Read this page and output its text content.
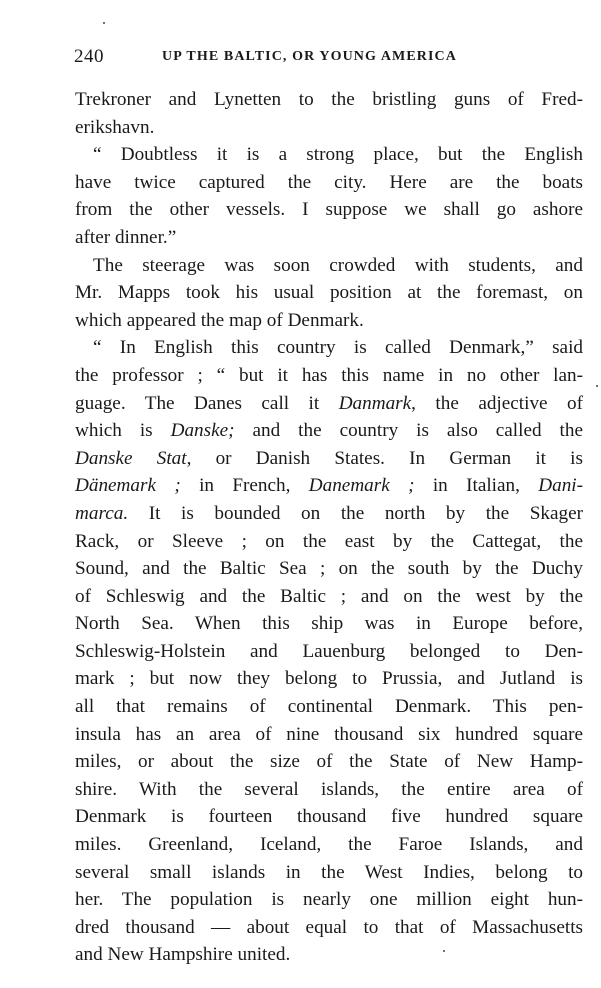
240	UP THE BALTIC, OR YOUNG AMERICA
Trekroner and Lynetten to the bristling guns of Fred-
erikshavn.
“ Doubtless it is a strong place, but the English
have twice captured the city. Here are the boats
from the other vessels. I suppose we shall go ashore
after dinner.”
The steerage was soon crowded with students, and
Mr. Mapps took his usual position at the foremast, on
which appeared the map of Denmark.
“ In English this country is called Denmark,” said
the professor ; “ but it has this name in no other lan-
guage. The Danes call it Danmark, the adjective of
which is Danske; and the country is also called the
Danske Stat, or Danish States. In German it is
Dänemark ; in French, Danemark ; in Italian, Dani-
marca. It is bounded on the north by the Skager
Rack, or Sleeve ; on the east by the Cattegat, the
Sound, and the Baltic Sea ; on the south by the Duchy
of Schleswig and the Baltic ; and on the west by the
North Sea. When this ship was in Europe before,
Schleswig-Holstein and Lauenburg belonged to Den-
mark ; but now they belong to Prussia, and Jutland is
all that remains of continental Denmark. This pen-
insula has an area of nine thousand six hundred square
miles, or about the size of the State of New Hamp-
shire. With the several islands, the entire area of
Denmark is fourteen thousand five hundred square
miles. Greenland, Iceland, the Faroe Islands, and
several small islands in the West Indies, belong to
her. The population is nearly one million eight hun-
dred thousand — about equal to that of Massachusetts
and New Hampshire united.
